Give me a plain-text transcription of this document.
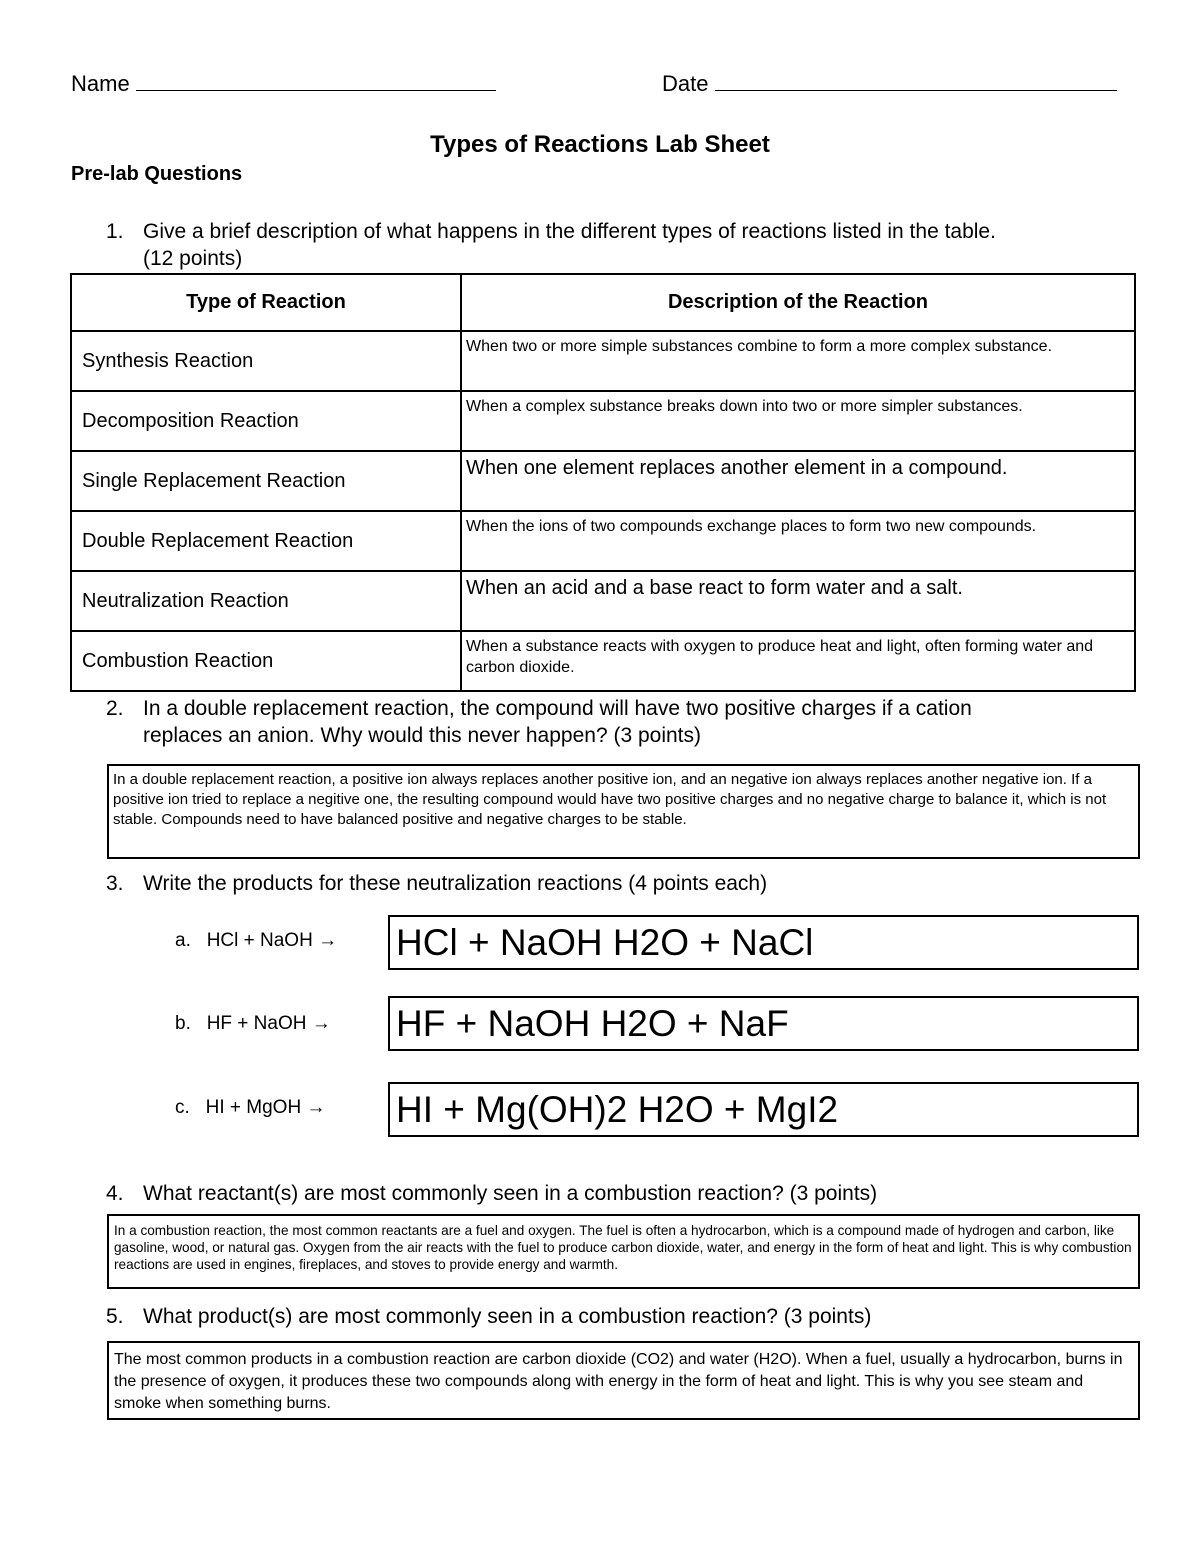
Name	Date
Types of Reactions Lab Sheet
Pre-lab Questions
1. Give a brief description of what happens in the different types of reactions listed in the table.
(12 points)
Type of Reaction	Description of the Reaction
Synthesis Reaction	When two or more simple substances combine to form a more complex substance.
Decomposition Reaction	When a complex substance breaks down into two or more simpler substances.
Single Replacement Reaction	When one element replaces another element in a compound.
Double Replacement Reaction	When the ions of two compounds exchange places to form two new compounds.
Neutralization Reaction	When an acid and a base react to form water and a salt.
Combustion Reaction	When a substance reacts with oxygen to produce heat and light, often forming water and carbon dioxide.
2. In a double replacement reaction, the compound will have two positive charges if a cation
replaces an anion. Why would this never happen? (3 points)
In a double replacement reaction, a positive ion always replaces another positive ion, and an negative ion always replaces another negative ion. If a positive ion tried to replace a negitive one, the resulting compound would have two positive charges and no negative charge to balance it, which is not stable. Compounds need to have balanced positive and negative charges to be stable.
3. Write the products for these neutralization reactions (4 points each)
a. HCl + NaOH → HCl + NaOH H2O + NaCl
b. HF + NaOH → HF + NaOH H2O + NaF
c. HI + MgOH → HI + Mg(OH)2 H2O + MgI2
4. What reactant(s) are most commonly seen in a combustion reaction? (3 points)
In a combustion reaction, the most common reactants are a fuel and oxygen. The fuel is often a hydrocarbon, which is a compound made of hydrogen and carbon, like gasoline, wood, or natural gas. Oxygen from the air reacts with the fuel to produce carbon dioxide, water, and energy in the form of heat and light. This is why combustion reactions are used in engines, fireplaces, and stoves to provide energy and warmth.
5. What product(s) are most commonly seen in a combustion reaction? (3 points)
The most common products in a combustion reaction are carbon dioxide (CO2) and water (H2O). When a fuel, usually a hydrocarbon, burns in the presence of oxygen, it produces these two compounds along with energy in the form of heat and light. This is why you see steam and smoke when something burns.
